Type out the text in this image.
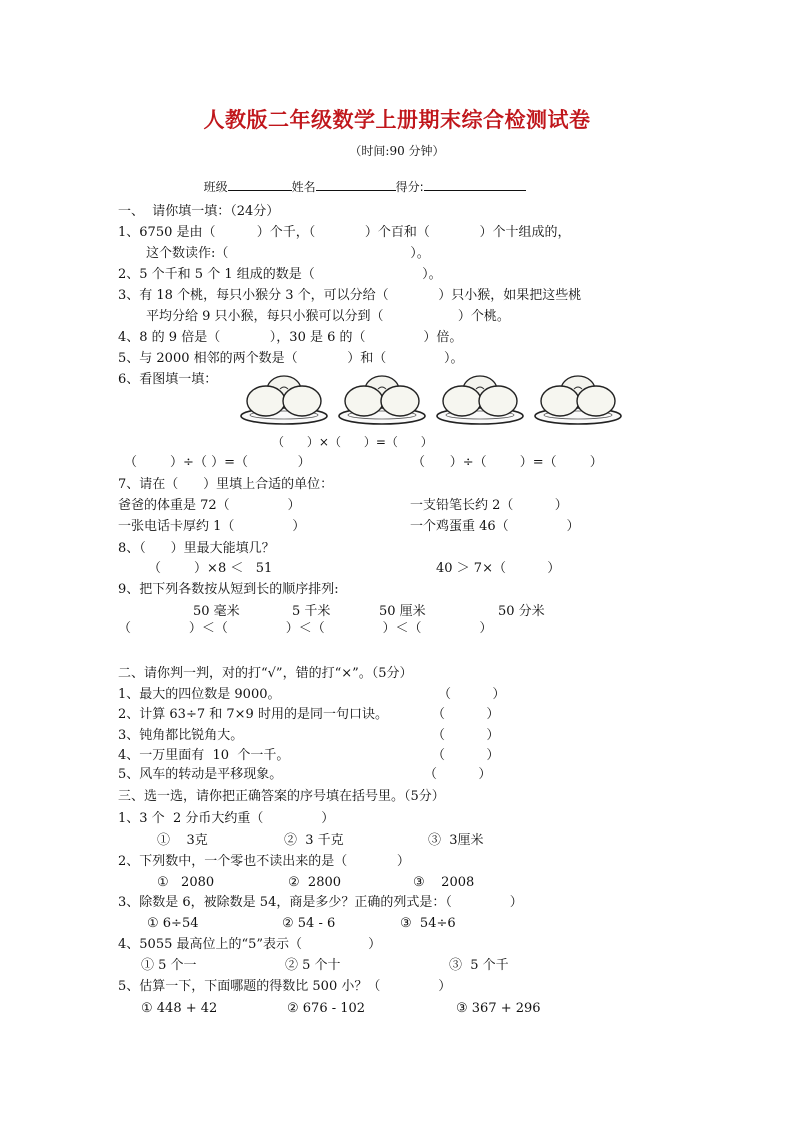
人教版二年级数学上册期末综合检测试卷
（时间:90 分钟）

班级	姓名	得分:

一、  请你填一填：（24分）
1、6750 是由（          ）个千，（            ）个百和（            ）个十组成的，
这个数读作:（                                            ）。
2、5 个千和 5 个 1 组成的数是（                          ）。
3、有 18 个桃，每只小猴分 3 个，可以分给（            ）只小猴，如果把这些桃
平均分给 9 只小猴，每只小猴可以分到（                  ）个桃。
4、8 的 9 倍是（            ），30 是 6 的（              ）倍。
5、与 2000 相邻的两个数是（            ）和（              ）。
6、看图填一填：
（      ）×（      ）=（      ）
（        ）÷（ ）=（            ）	（      ）÷（        ）=（        ）
7、请在（      ）里填上合适的单位：
爸爸的体重是 72（              ）	一支铅笔长约 2（          ）
一张电话卡厚约 1（              ）	一个鸡蛋重 46（              ）
8、（      ）里最大能填几？
（        ）×8 ＜   51	40 ＞ 7×（          ）
9、把下列各数按从短到长的顺序排列:
50 毫米	5 千米	50 厘米	50 分米
（              ）＜（              ）＜（              ）＜（              ）
二、请你判一判，对的打“√”，错的打“×”。（5分）
1、最大的四位数是 9000。	（          ）
2、计算 63÷7 和 7×9 时用的是同一句口诀。	（          ）
3、钝角都比锐角大。	（          ）
4、一万里面有  10  个一千。	（          ）
5、风车的转动是平移现象。	（          ）
三、选一选，请你把正确答案的序号填在括号里。（5分）
1、3 个  2 分币大约重（              ）
①    3克	②  3 千克	③  3厘米
2、下列数中，一个零也不读出来的是（            ）
①   2080	②  2800	③    2008
3、除数是 6，被除数是 54，商是多少？正确的列式是：（              ）
① 6÷54	② 54 - 6	③  54÷6
4、5055 最高位上的“5”表示（                ）
① 5 个一	② 5 个十	③  5 个千
5、估算一下，下面哪题的得数比 500 小？（              ）
① 448 + 42	② 676 - 102	③ 367 + 296
